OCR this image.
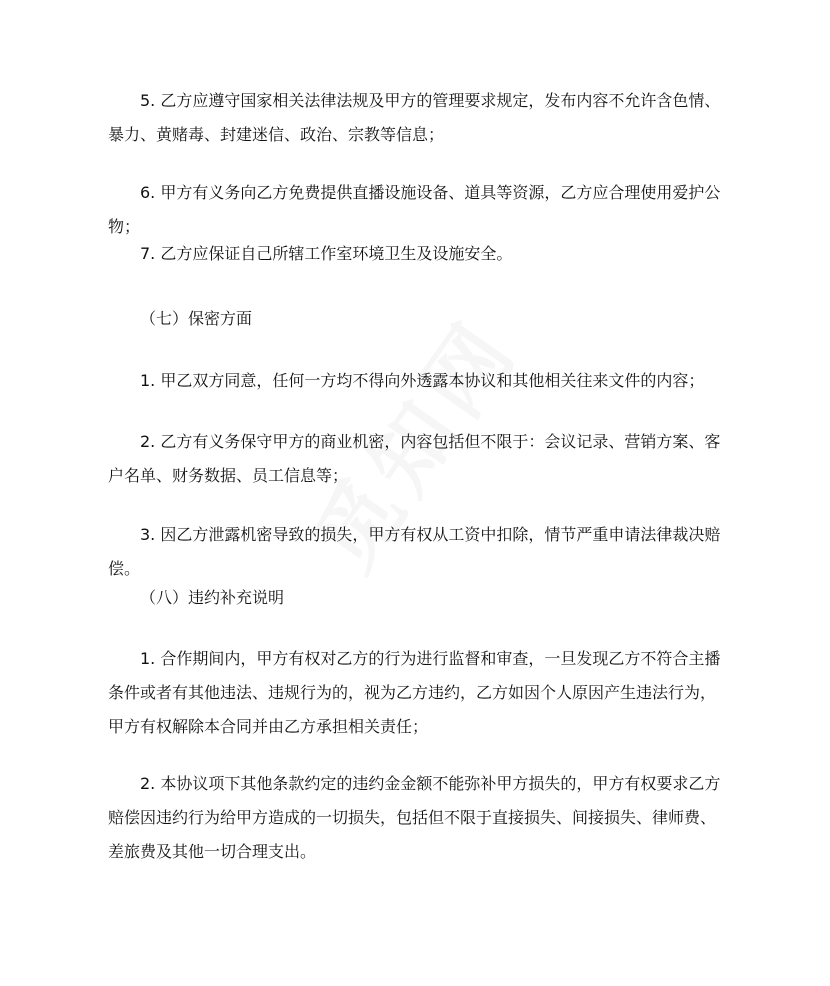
5. 乙方应遵守国家相关法律法规及甲方的管理要求规定，发布内容不允许含色情、暴力、黄赌毒、封建迷信、政治、宗教等信息；

6. 甲方有义务向乙方免费提供直播设施设备、道具等资源，乙方应合理使用爱护公物；

7. 乙方应保证自己所辖工作室环境卫生及设施安全。

（七）保密方面

1. 甲乙双方同意，任何一方均不得向外透露本协议和其他相关往来文件的内容；

2. 乙方有义务保守甲方的商业机密，内容包括但不限于：会议记录、营销方案、客户名单、财务数据、员工信息等；

3. 因乙方泄露机密导致的损失，甲方有权从工资中扣除，情节严重申请法律裁决赔偿。

（八）违约补充说明

1. 合作期间内，甲方有权对乙方的行为进行监督和审查，一旦发现乙方不符合主播条件或者有其他违法、违规行为的，视为乙方违约，乙方如因个人原因产生违法行为，甲方有权解除本合同并由乙方承担相关责任；

2. 本协议项下其他条款约定的违约金金额不能弥补甲方损失的，甲方有权要求乙方赔偿因违约行为给甲方造成的一切损失，包括但不限于直接损失、间接损失、律师费、差旅费及其他一切合理支出。
